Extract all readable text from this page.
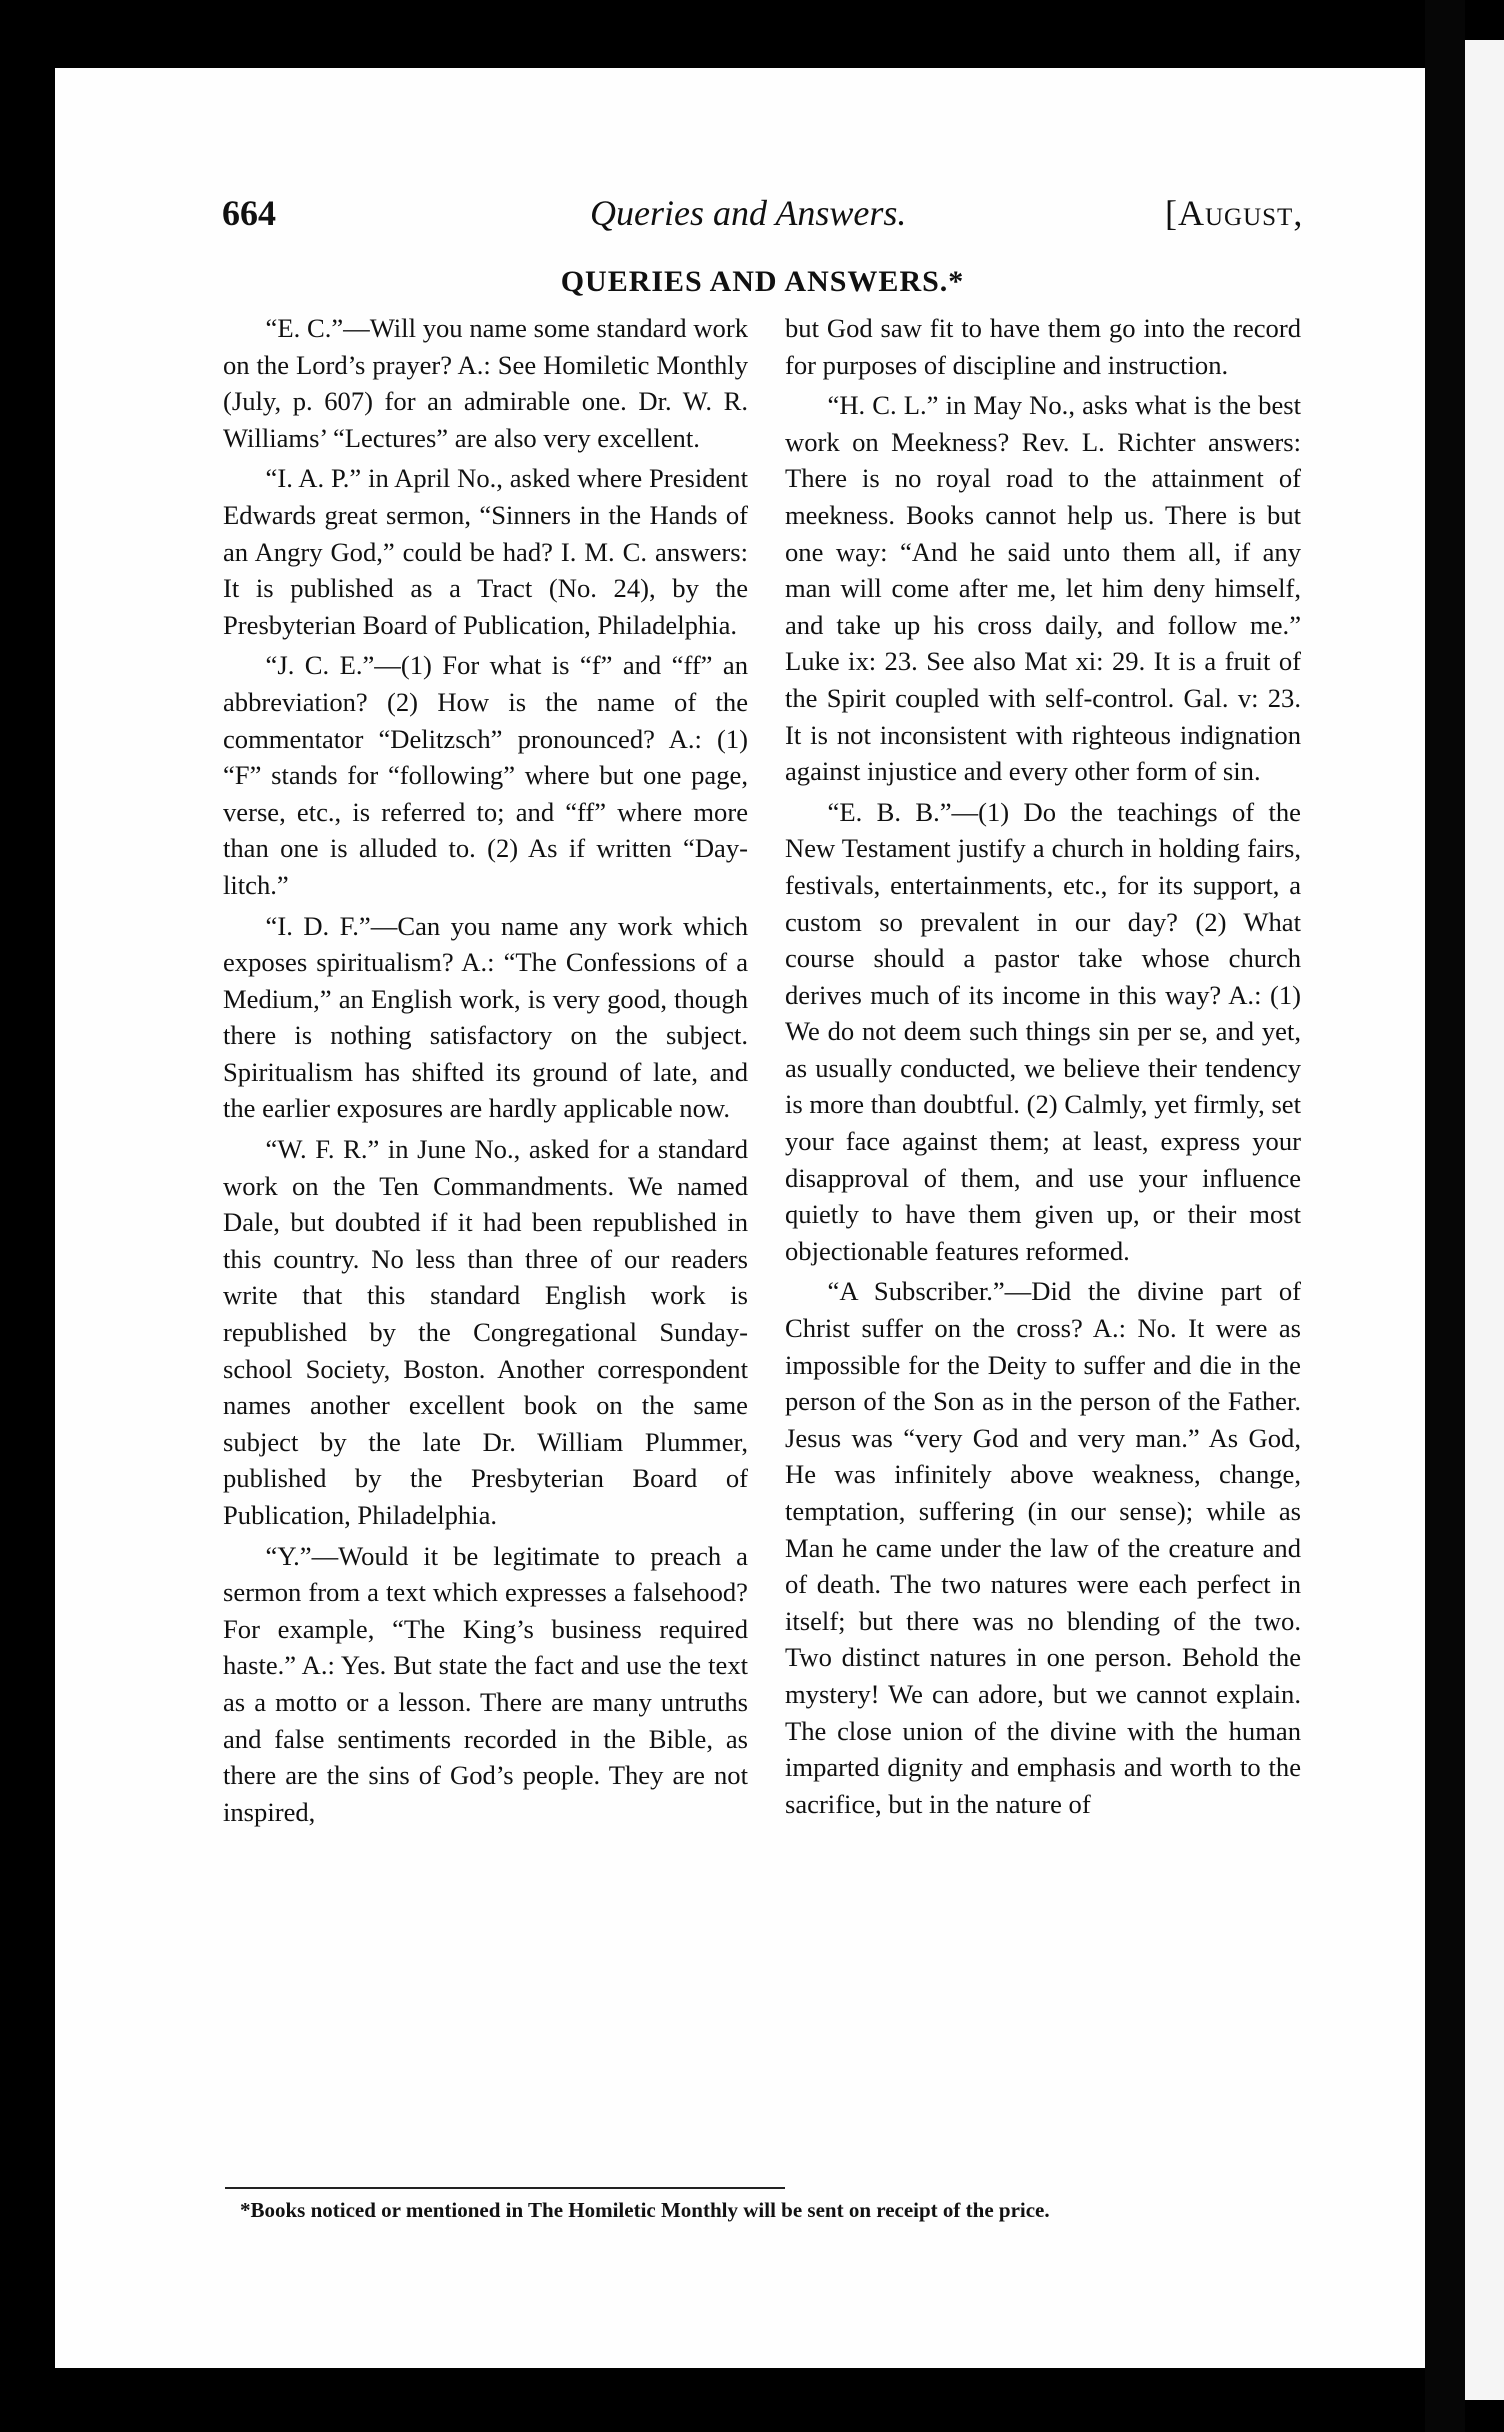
664	Queries and Answers.	[August,
QUERIES AND ANSWERS.*

“E. C.”—Will you name some standard work on the Lord’s prayer? A.: See Homiletic Monthly (July, p. 607) for an admirable one. Dr. W. R. Williams’ “Lectures” are also very excellent.

“I. A. P.” in April No., asked where President Edwards great sermon, “Sinners in the Hands of an Angry God,” could be had? I. M. C. answers: It is published as a Tract (No. 24), by the Presbyterian Board of Publication, Philadelphia.

“J. C. E.”—(1) For what is “f” and “ff” an abbreviation? (2) How is the name of the commentator “Delitzsch” pronounced? A.: (1) “F” stands for “following” where but one page, verse, etc., is referred to; and “ff” where more than one is alluded to. (2) As if written “Day-litch.”

“I. D. F.”—Can you name any work which exposes spiritualism? A.: “The Confessions of a Medium,” an English work, is very good, though there is nothing satisfactory on the subject. Spiritualism has shifted its ground of late, and the earlier exposures are hardly applicable now.

“W. F. R.” in June No., asked for a standard work on the Ten Commandments. We named Dale, but doubted if it had been republished in this country. No less than three of our readers write that this standard English work is republished by the Congregational Sunday-school Society, Boston. Another correspondent names another excellent book on the same subject by the late Dr. William Plummer, published by the Presbyterian Board of Publication, Philadelphia.

“Y.”—Would it be legitimate to preach a sermon from a text which expresses a falsehood? For example, “The King’s business required haste.” A.: Yes. But state the fact and use the text as a motto or a lesson. There are many untruths and false sentiments recorded in the Bible, as there are the sins of God’s people. They are not inspired,

but God saw fit to have them go into the record for purposes of discipline and instruction.

“H. C. L.” in May No., asks what is the best work on Meekness? Rev. L. Richter answers: There is no royal road to the attainment of meekness. Books cannot help us. There is but one way: “And he said unto them all, if any man will come after me, let him deny himself, and take up his cross daily, and follow me.” Luke ix: 23. See also Mat xi: 29. It is a fruit of the Spirit coupled with self-control. Gal. v: 23. It is not inconsistent with righteous indignation against injustice and every other form of sin.

“E. B. B.”—(1) Do the teachings of the New Testament justify a church in holding fairs, festivals, entertainments, etc., for its support, a custom so prevalent in our day? (2) What course should a pastor take whose church derives much of its income in this way? A.: (1) We do not deem such things sin per se, and yet, as usually conducted, we believe their tendency is more than doubtful. (2) Calmly, yet firmly, set your face against them; at least, express your disapproval of them, and use your influence quietly to have them given up, or their most objectionable features reformed.

“A Subscriber.”—Did the divine part of Christ suffer on the cross? A.: No. It were as impossible for the Deity to suffer and die in the person of the Son as in the person of the Father. Jesus was “very God and very man.” As God, He was infinitely above weakness, change, temptation, suffering (in our sense); while as Man he came under the law of the creature and of death. The two natures were each perfect in itself; but there was no blending of the two. Two distinct natures in one person. Behold the mystery! We can adore, but we cannot explain. The close union of the divine with the human imparted dignity and emphasis and worth to the sacrifice, but in the nature of

*Books noticed or mentioned in The Homiletic Monthly will be sent on receipt of the price.
